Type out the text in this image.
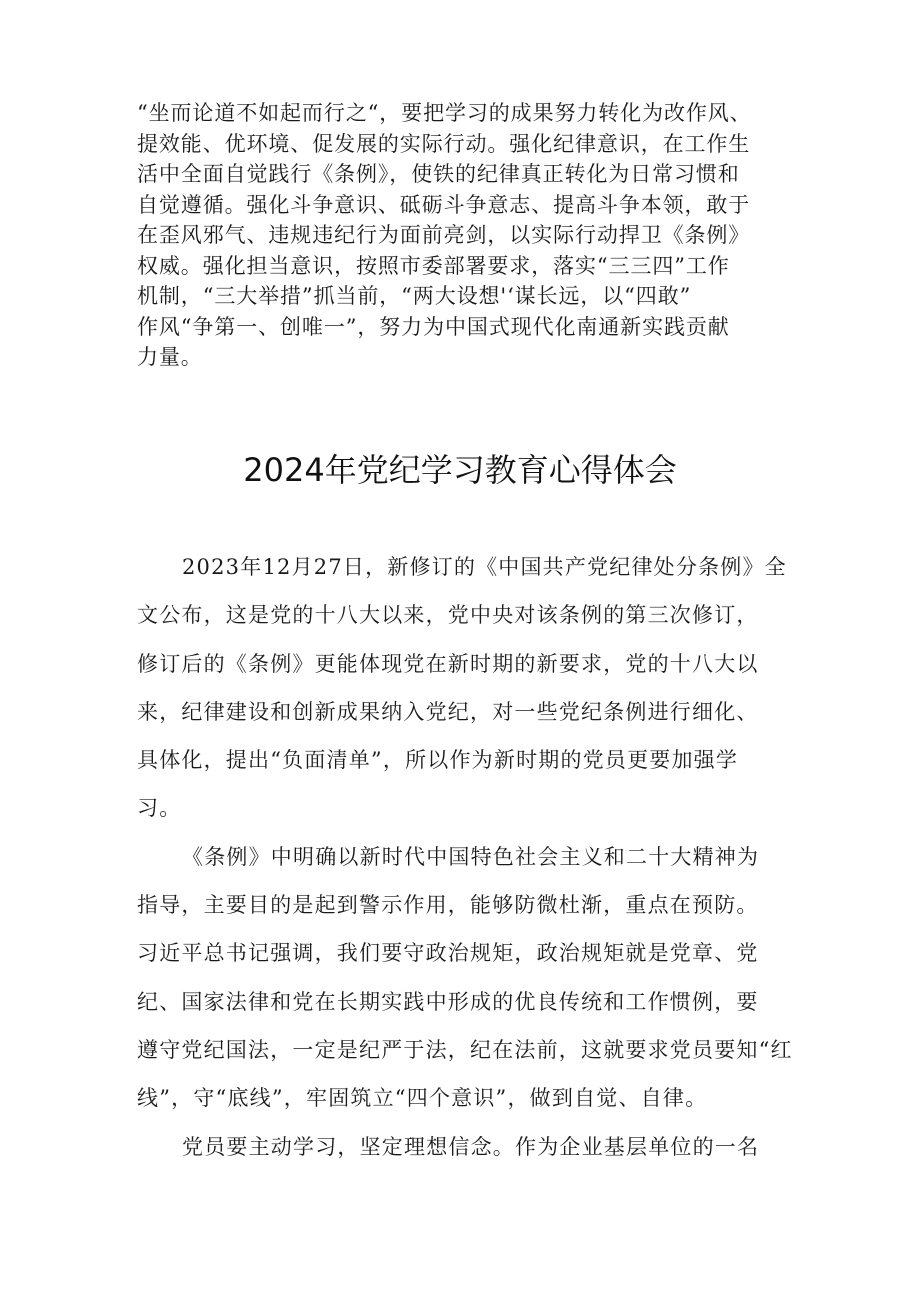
“坐而论道不如起而行之“，要把学习的成果努力转化为改作风、
提效能、优环境、促发展的实际行动。强化纪律意识，在工作生
活中全面自觉践行《条例》，使铁的纪律真正转化为日常习惯和
自觉遵循。强化斗争意识、砥砺斗争意志、提高斗争本领，敢于
在歪风邪气、违规违纪行为面前亮剑，以实际行动捍卫《条例》
权威。强化担当意识，按照市委部署要求，落实“三三四”工作
机制，“三大举措”抓当前，“两大设想'‘谋长远，以“四敢”
作风“争第一、创唯一”，努力为中国式现代化南通新实践贡献
力量。
2024年党纪学习教育心得体会
2023年12月27日，新修订的《中国共产党纪律处分条例》全
文公布，这是党的十八大以来，党中央对该条例的第三次修订，
修订后的《条例》更能体现党在新时期的新要求，党的十八大以
来，纪律建设和创新成果纳入党纪，对一些党纪条例进行细化、
具体化，提出“负面清单”，所以作为新时期的党员更要加强学
习。
《条例》中明确以新时代中国特色社会主义和二十大精神为
指导，主要目的是起到警示作用，能够防微杜渐，重点在预防。
习近平总书记强调，我们要守政治规矩，政治规矩就是党章、党
纪、国家法律和党在长期实践中形成的优良传统和工作惯例，要
遵守党纪国法，一定是纪严于法，纪在法前，这就要求党员要知“红
线”，守“底线”，牢固筑立“四个意识”，做到自觉、自律。
党员要主动学习，坚定理想信念。作为企业基层单位的一名
